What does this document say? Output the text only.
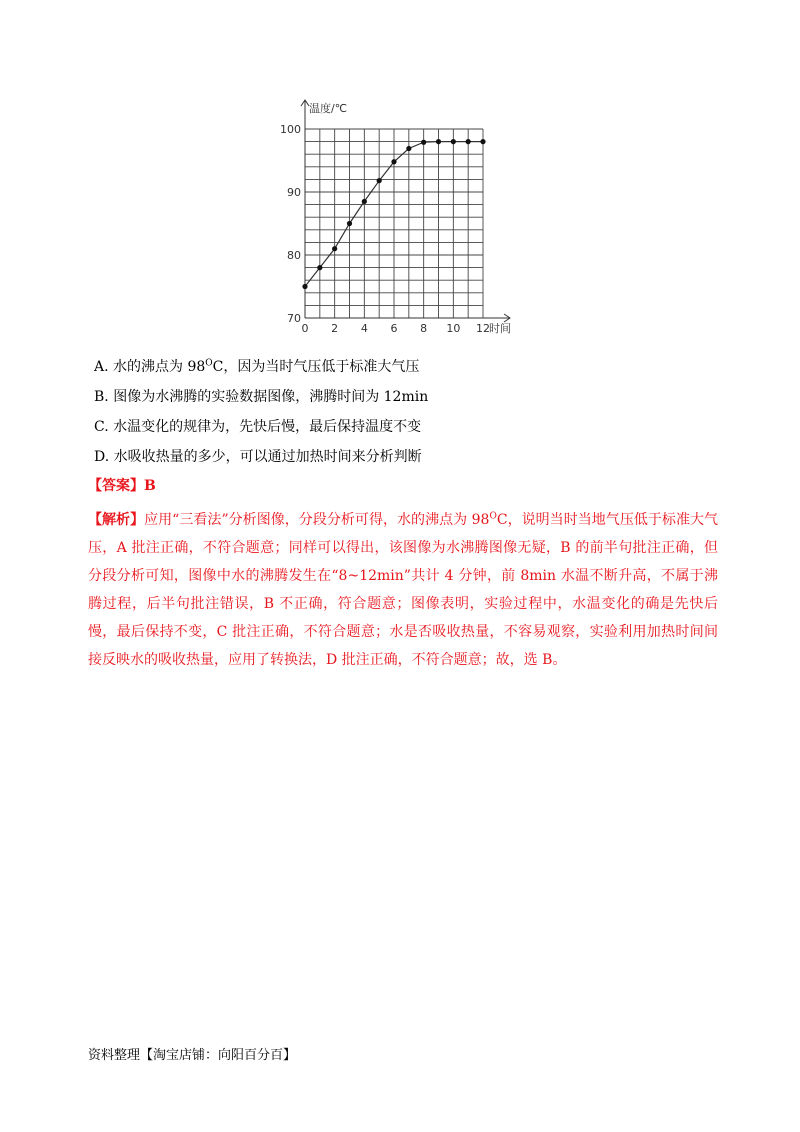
温度/℃
时间
70
80
90
100
0 2 4 6 8 10 12
A. 水的沸点为 $98^OC$，因为当时气压低于标准大气压
B. 图像为水沸腾的实验数据图像，沸腾时间为 12min
C. 水温变化的规律为，先快后慢，最后保持温度不变
D. 水吸收热量的多少，可以通过加热时间来分析判断
【答案】B
【解析】应用“三看法”分析图像，分段分析可得，水的沸点为 $98^OC$，说明当时当地气压低于标准大气压，A 批注正确，不符合题意；同样可以得出，该图像为水沸腾图像无疑，B 的前半句批注正确，但分段分析可知，图像中水的沸腾发生在“8~12min”共计 4 分钟，前 8min 水温不断升高，不属于沸腾过程，后半句批注错误，B 不正确，符合题意；图像表明，实验过程中，水温变化的确是先快后慢，最后保持不变，C 批注正确，不符合题意；水是否吸收热量，不容易观察，实验利用加热时间间接反映水的吸收热量，应用了转换法，D 批注正确，不符合题意；故，选 B。
资料整理【淘宝店铺：向阳百分百】
